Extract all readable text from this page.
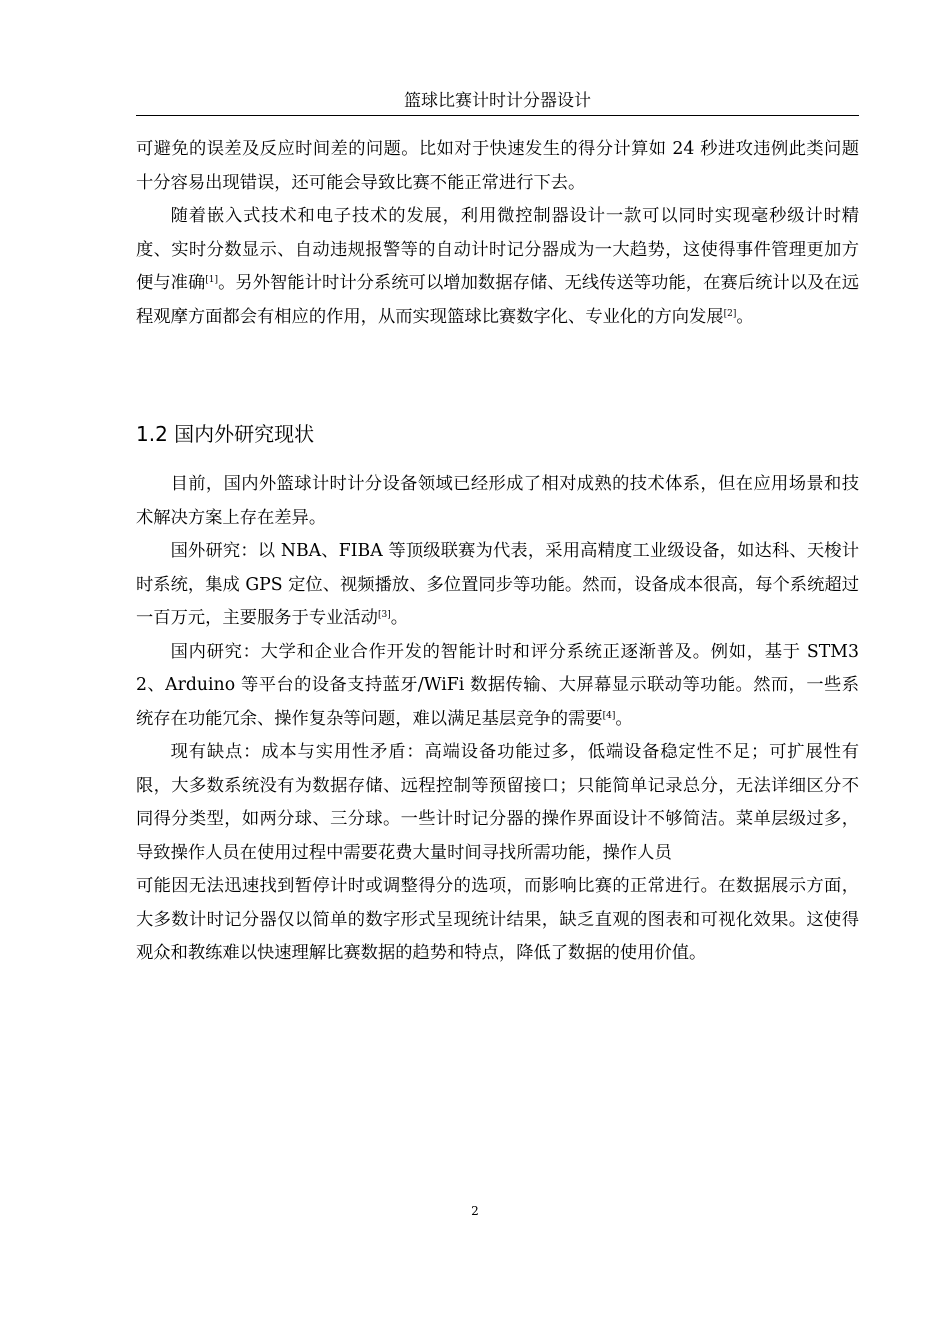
篮球比赛计时计分器设计

可避免的误差及反应时间差的问题。比如对于快速发生的得分计算如 24 秒进攻违例此类问题十分容易出现错误，还可能会导致比赛不能正常进行下去。

随着嵌入式技术和电子技术的发展，利用微控制器设计一款可以同时实现毫秒级计时精度、实时分数显示、自动违规报警等的自动计时记分器成为一大趋势，这使得事件管理更加方便与准确[1]。另外智能计时计分系统可以增加数据存储、无线传送等功能，在赛后统计以及在远程观摩方面都会有相应的作用，从而实现篮球比赛数字化、专业化的方向发展[2]。

1.2 国内外研究现状

目前，国内外篮球计时计分设备领域已经形成了相对成熟的技术体系，但在应用场景和技术解决方案上存在差异。

国外研究：以 NBA、FIBA 等顶级联赛为代表，采用高精度工业级设备，如达科、天梭计时系统，集成 GPS 定位、视频播放、多位置同步等功能。然而，设备成本很高，每个系统超过一百万元，主要服务于专业活动[3]。

国内研究：大学和企业合作开发的智能计时和评分系统正逐渐普及。例如，基于 STM32、Arduino 等平台的设备支持蓝牙/WiFi 数据传输、大屏幕显示联动等功能。然而，一些系统存在功能冗余、操作复杂等问题，难以满足基层竞争的需要[4]。

现有缺点：成本与实用性矛盾：高端设备功能过多，低端设备稳定性不足；可扩展性有限，大多数系统没有为数据存储、远程控制等预留接口；只能简单记录总分，无法详细区分不同得分类型，如两分球、三分球。一些计时记分器的操作界面设计不够简洁。菜单层级过多，导致操作人员在使用过程中需要花费大量时间寻找所需功能，操作人员

可能因无法迅速找到暂停计时或调整得分的选项，而影响比赛的正常进行。在数据展示方面，大多数计时记分器仅以简单的数字形式呈现统计结果，缺乏直观的图表和可视化效果。这使得观众和教练难以快速理解比赛数据的趋势和特点，降低了数据的使用价值。

2
